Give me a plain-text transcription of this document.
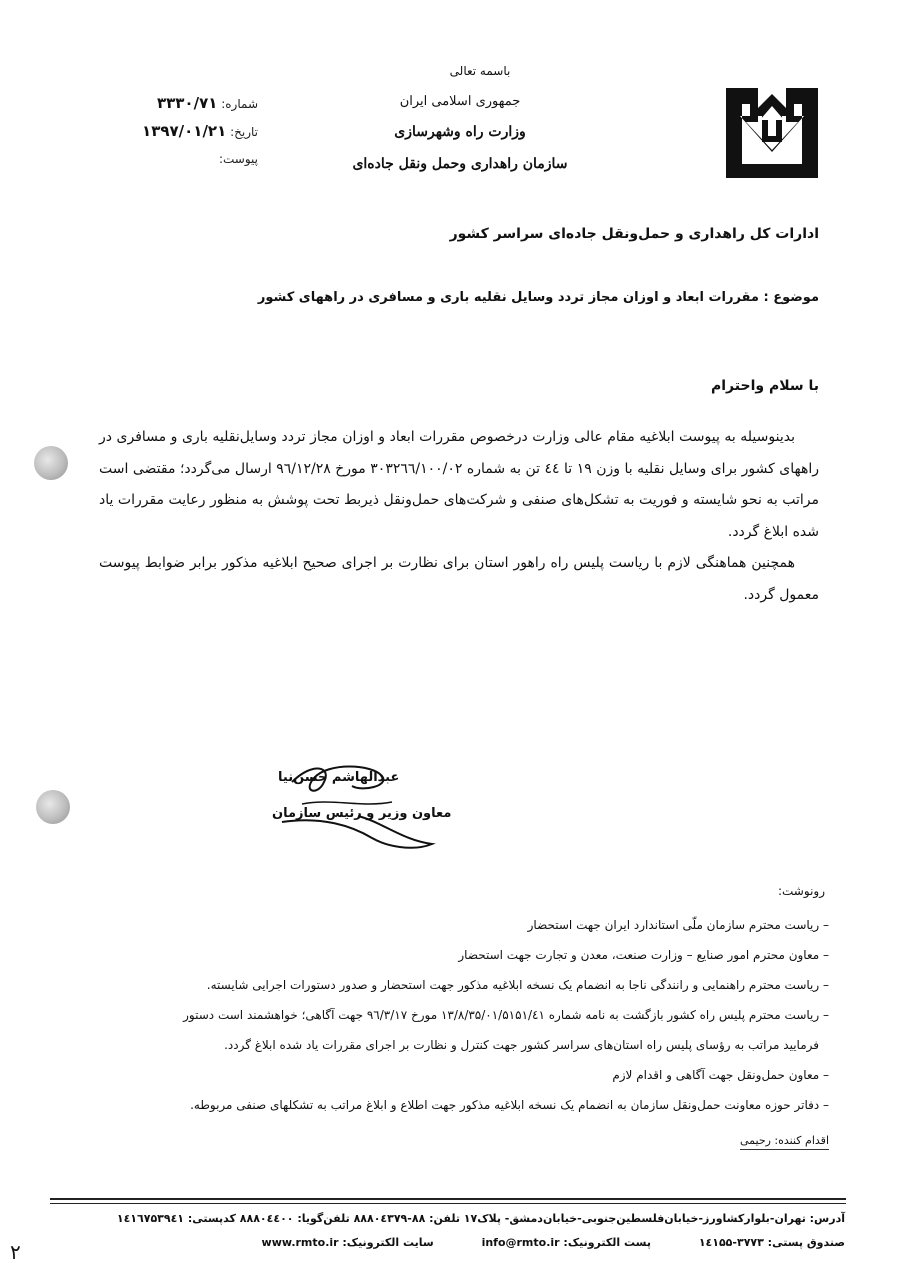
باسمه تعالی
جمهوری اسلامی ایران
وزارت راه وشهرسازی
سازمان راهداری وحمل ونقل جاده‌ای
شماره: ۳۳۳۰/۷۱
تاریخ: ۱۳۹۷/۰۱/۲۱
پیوست:
ادارات کل راهداری و حمل‌ونقل جاده‌ای سراسر کشور
موضوع : مقررات ابعاد و اوزان مجاز تردد وسایل نقلیه باری و مسافری در راههای کشور
با سلام واحترام

بدینوسیله به پیوست ابلاغیه مقام عالی وزارت درخصوص مقررات ابعاد و اوزان مجاز تردد وسایل‌نقلیه باری و مسافری در راههای کشور برای وسایل نقلیه با وزن ۱۹ تا ٤٤ تن به شماره ۳۰۳۲٦٦/۱۰۰/۰۲ مورخ ۹٦/۱۲/۲۸ ارسال می‌گردد؛ مقتضی است مراتب به نحو شایسته و فوریت به تشکل‌های صنفی و شرکت‌های حمل‌ونقل ذیربط تحت پوشش به منظور رعایت مقررات یاد شده ابلاغ گردد.

همچنین هماهنگی لازم با ریاست پلیس راه راهور استان برای نظارت بر اجرای صحیح ابلاغیه مذکور برابر ضوابط پیوست معمول گردد.

عبدالهاشم حسن‌نیا
معاون وزیر و رئیس سازمان
رونوشت:
– ریاست محترم سازمان ملّی استاندارد ایران جهت استحضار
– معاون محترم امور صنایع – وزارت صنعت، معدن و تجارت جهت استحضار
– ریاست محترم راهنمایی و رانندگی ناجا به انضمام یک نسخه ابلاغیه مذکور جهت استحضار و صدور دستورات اجرایی شایسته.
– ریاست محترم پلیس راه کشور بازگشت به نامه شماره ۱۳/۸/۳۵/۰۱/۵۱۵۱/٤۱ مورخ ۹٦/۳/۱۷ جهت آگاهی؛ خواهشمند است دستور
فرمایید مراتب به رؤسای پلیس راه استان‌های سراسر کشور جهت کنترل و نظارت بر اجرای مقررات یاد شده ابلاغ گردد.
– معاون حمل‌ونقل جهت آگاهی و اقدام لازم
– دفاتر حوزه معاونت حمل‌ونقل سازمان به انضمام یک نسخه ابلاغیه مذکور جهت اطلاع و ابلاغ مراتب به تشکلهای صنفی مربوطه.
اقدام کننده: رحیمی
آدرس: تهران-بلوارکشاورز-خیابان‌فلسطین‌جنوبی-خیابان‌دمشق- پلاک۱۷ تلفن: ۸۸-۸۸۸۰٤۳۷۹ تلفن‌گویا: ۸۸۸۰٤٤۰۰ کدپستی: ۱٤۱٦۷۵۳۹٤۱
صندوق پستی: ۳۷۷۳-۱٤۱۵۵ پست الکترونیک: info@rmto.ir سایت الکترونیک: www.rmto.ir
۲
